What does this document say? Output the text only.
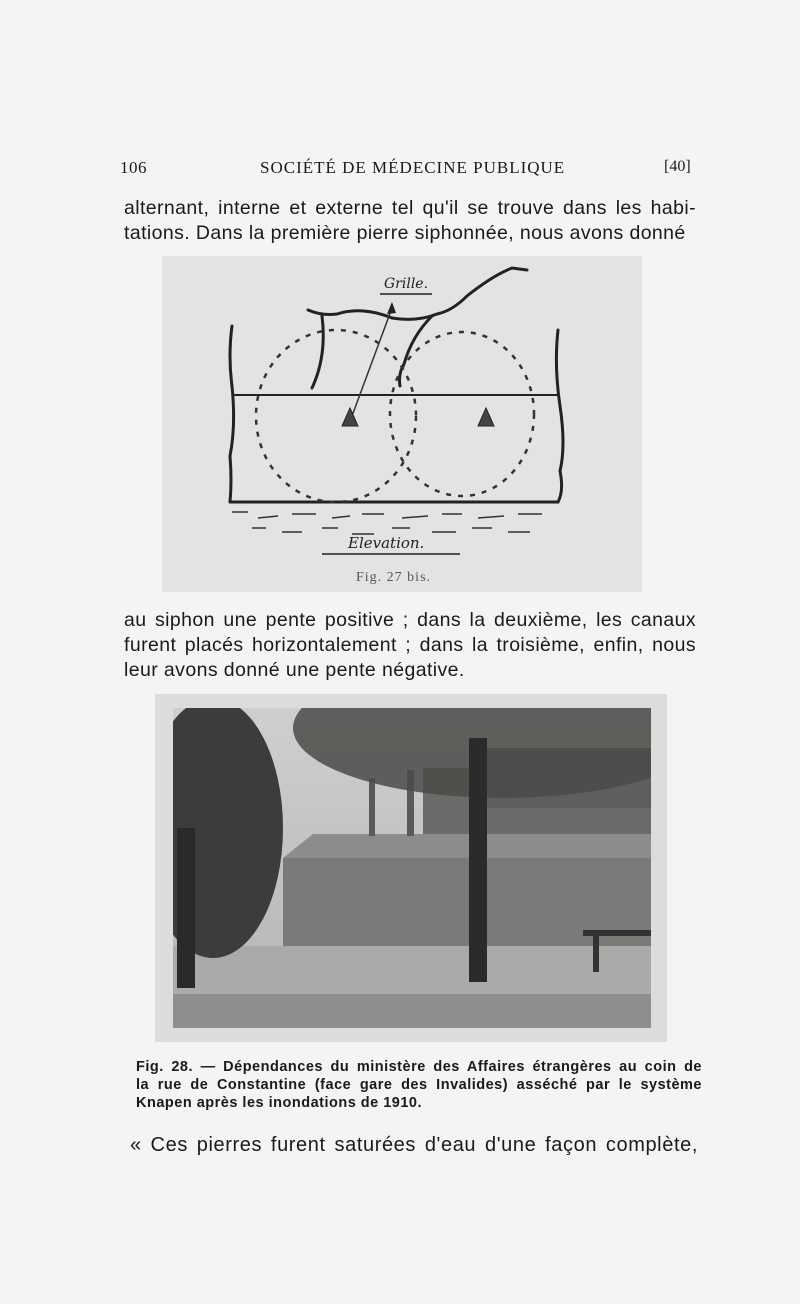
106	SOCIÉTÉ DE MÉDECINE PUBLIQUE	[40]
alternant, interne et externe tel qu'il se trouve dans les habi-
tations. Dans la première pierre siphonnée, nous avons donné
Grille.
Elevation.
Fig. 27 bis.
au siphon une pente positive ; dans la deuxième, les canaux
furent placés horizontalement ; dans la troisième, enfin, nous
leur avons donné une pente négative.
Fig. 28. — Dépendances du ministère des Affaires étrangères au coin de
la rue de Constantine (face gare des Invalides) asséché par le système
Knapen après les inondations de 1910.
« Ces pierres furent saturées d'eau d'une façon complète,
